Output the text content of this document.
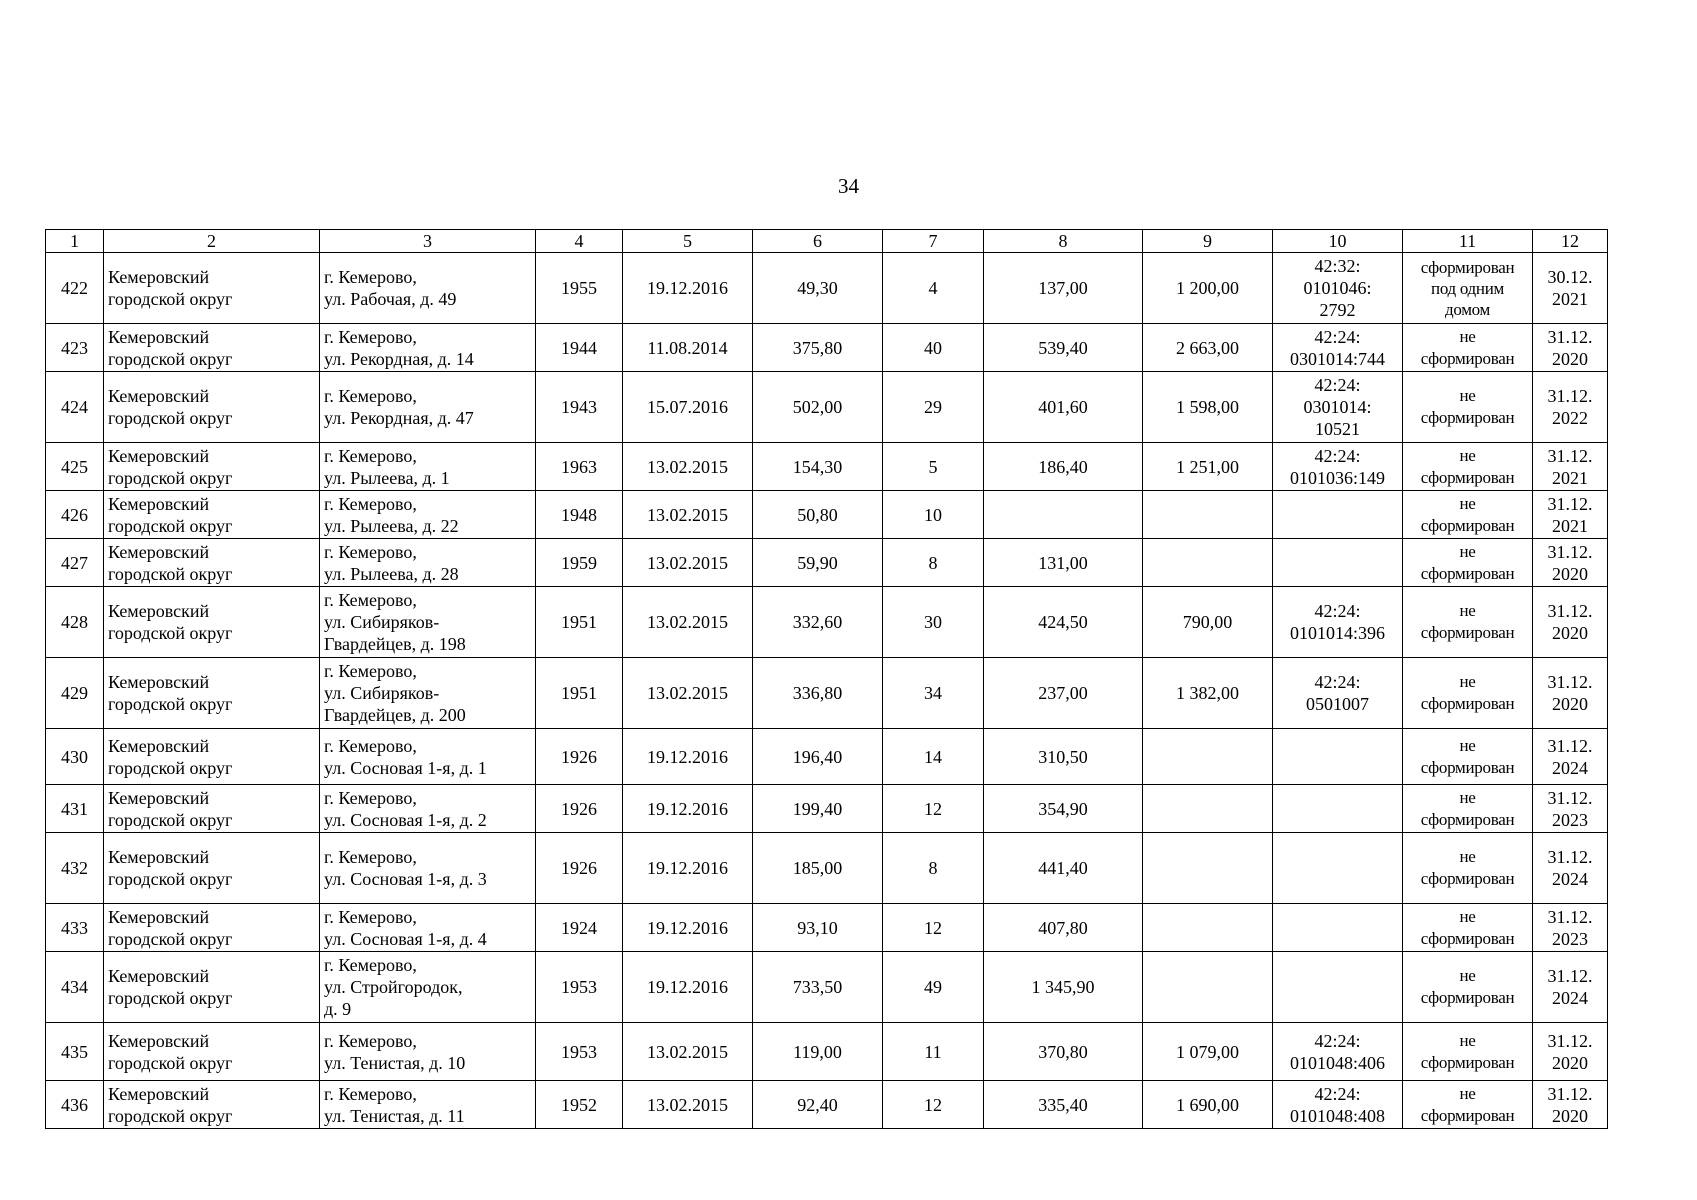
34
1	2	3	4	5	6	7	8	9	10	11	12
422	Кемеровский
городской округ	г. Кемерово,
ул. Рабочая, д. 49	1955	19.12.2016	49,30	4	137,00	1 200,00	42:32:
0101046:
2792	сформирован
под одним
домом	30.12.
2021

423	Кемеровский
городской округ	г. Кемерово,
ул. Рекордная, д. 14	1944	11.08.2014	375,80	40	539,40	2 663,00	42:24:
0301014:744	не
сформирован	31.12.
2020

424	Кемеровский
городской округ	г. Кемерово,
ул. Рекордная, д. 47	1943	15.07.2016	502,00	29	401,60	1 598,00	42:24:
0301014:
10521	не
сформирован	31.12.
2022

425	Кемеровский
городской округ	г. Кемерово,
ул. Рылеева, д. 1	1963	13.02.2015	154,30	5	186,40	1 251,00	42:24:
0101036:149	не
сформирован	31.12.
2021

426	Кемеровский
городской округ	г. Кемерово,
ул. Рылеева, д. 22	1948	13.02.2015	50,80	10				не
сформирован	31.12.
2021

427	Кемеровский
городской округ	г. Кемерово,
ул. Рылеева, д. 28	1959	13.02.2015	59,90	8	131,00			не
сформирован	31.12.
2020

428	Кемеровский
городской округ	г. Кемерово,
ул. Сибиряков-
Гвардейцев, д. 198	1951	13.02.2015	332,60	30	424,50	790,00	42:24:
0101014:396	не
сформирован	31.12.
2020

429	Кемеровский
городской округ	г. Кемерово,
ул. Сибиряков-
Гвардейцев, д. 200	1951	13.02.2015	336,80	34	237,00	1 382,00	42:24:
0501007	не
сформирован	31.12.
2020

430	Кемеровский
городской округ	г. Кемерово,
ул. Сосновая 1-я, д. 1	1926	19.12.2016	196,40	14	310,50			не
сформирован	31.12.
2024

431	Кемеровский
городской округ	г. Кемерово,
ул. Сосновая 1-я, д. 2	1926	19.12.2016	199,40	12	354,90			не
сформирован	31.12.
2023

432	Кемеровский
городской округ	г. Кемерово,
ул. Сосновая 1-я, д. 3	1926	19.12.2016	185,00	8	441,40			не
сформирован	31.12.
2024

433	Кемеровский
городской округ	г. Кемерово,
ул. Сосновая 1-я, д. 4	1924	19.12.2016	93,10	12	407,80			не
сформирован	31.12.
2023

434	Кемеровский
городской округ	г. Кемерово,
ул. Стройгородок,
д. 9	1953	19.12.2016	733,50	49	1 345,90			не
сформирован	31.12.
2024

435	Кемеровский
городской округ	г. Кемерово,
ул. Тенистая, д. 10	1953	13.02.2015	119,00	11	370,80	1 079,00	42:24:
0101048:406	не
сформирован	31.12.
2020

436	Кемеровский
городской округ	г. Кемерово,
ул. Тенистая, д. 11	1952	13.02.2015	92,40	12	335,40	1 690,00	42:24:
0101048:408	не
сформирован	31.12.
2020
